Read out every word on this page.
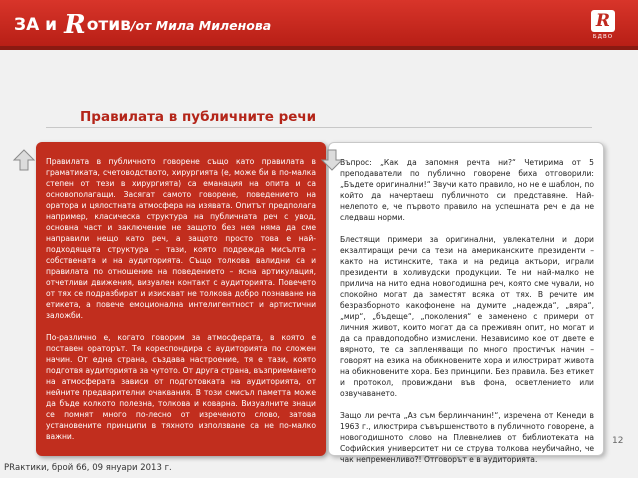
ЗА и R отив /от Мила Миленова	R
БДВО
Правилата в публичните речи

Правилата в публичното говорене също като правилата в граматиката, счетоводството, хирургията (е, може би в по-малка степен от тези в хирургията) са еманация на опита и са основополагащи. Засягат самото говорене, поведението на оратора и цялостната атмосфера на изявата. Опитът предполага например, класическа структура на публичната реч с увод, основна част и заключение не защото без нея няма да сме направили нещо като реч, а защото просто това е най-подходящата структура – тази, която подрежда мисълта – собствената и на аудиторията. Също толкова валидни са и правилата по отношение на поведението – ясна артикулация, отчетливи движения, визуален контакт с аудиторията. Повечето от тях се подразбират и изискват не толкова добро познаване на етикета, а повече емоционална интелигентност и артистични заложби.

По-различно е, когато говорим за атмосферата, в която е поставен ораторът. Тя кореспондира с аудиторията по сложен начин. От една страна, създава настроение, тя е тази, която подготвя аудиторията за чутото. От друга страна, възприемането на атмосферата зависи от подготовката на аудиторията, от нейните предварителни очаквания. В този смисъл паметта може да бъде колкото полезна, толкова и коварна. Визуалните знаци се помнят много по-лесно от изреченото слово, затова установените принципи в тяхното използване са не по-малко важни.

Въпрос: „Как да запомня речта ни?“ Четирима от 5 преподаватели по публично говорене биха отговорили: „Бъдете оригинални!“ Звучи като правило, но не е шаблон, по който да начертаеш публичното си представяне. Най-нелепото е, че първото правило на успешната реч е да не следваш норми.

Блестящи примери за оригинални, увлекателни и дори екзалтиращи речи са тези на американските президенти – както на истинските, така и на редица актьори, играли президенти в холивудски продукции. Те ни най-малко не прилича на нито една новогодишна реч, която сме чували, но спокойно могат да заместят всяка от тях. В речите им безразборното какофонене на думите „надежда“, „вяра“, „мир“, „бъдеще“, „поколения“ е заменено с примери от личния живот, които могат да са преживян опит, но могат и да са правдоподобно измислени. Независимо кое от двете е вярното, те са запленяващи по много простичък начин – говорят на езика на обикновените хора и илюстрират живота на обикновените хора. Без принципи. Без правила. Без етикет и протокол, провиждани във фона, осветлението или озвучаването.

Защо ли речта „Аз съм берлинчанин!“, изречена от Кенеди в 1963 г., илюстрира съвършенството в публичното говорене, а новогодишното слово на Плевнелиев от библиотеката на Софийския университет ни се струва толкова неубичайно, че чак непременливо?! Отговорът е в аудиторията.

PRактики, брой 66, 09 януари 2013 г.
12
